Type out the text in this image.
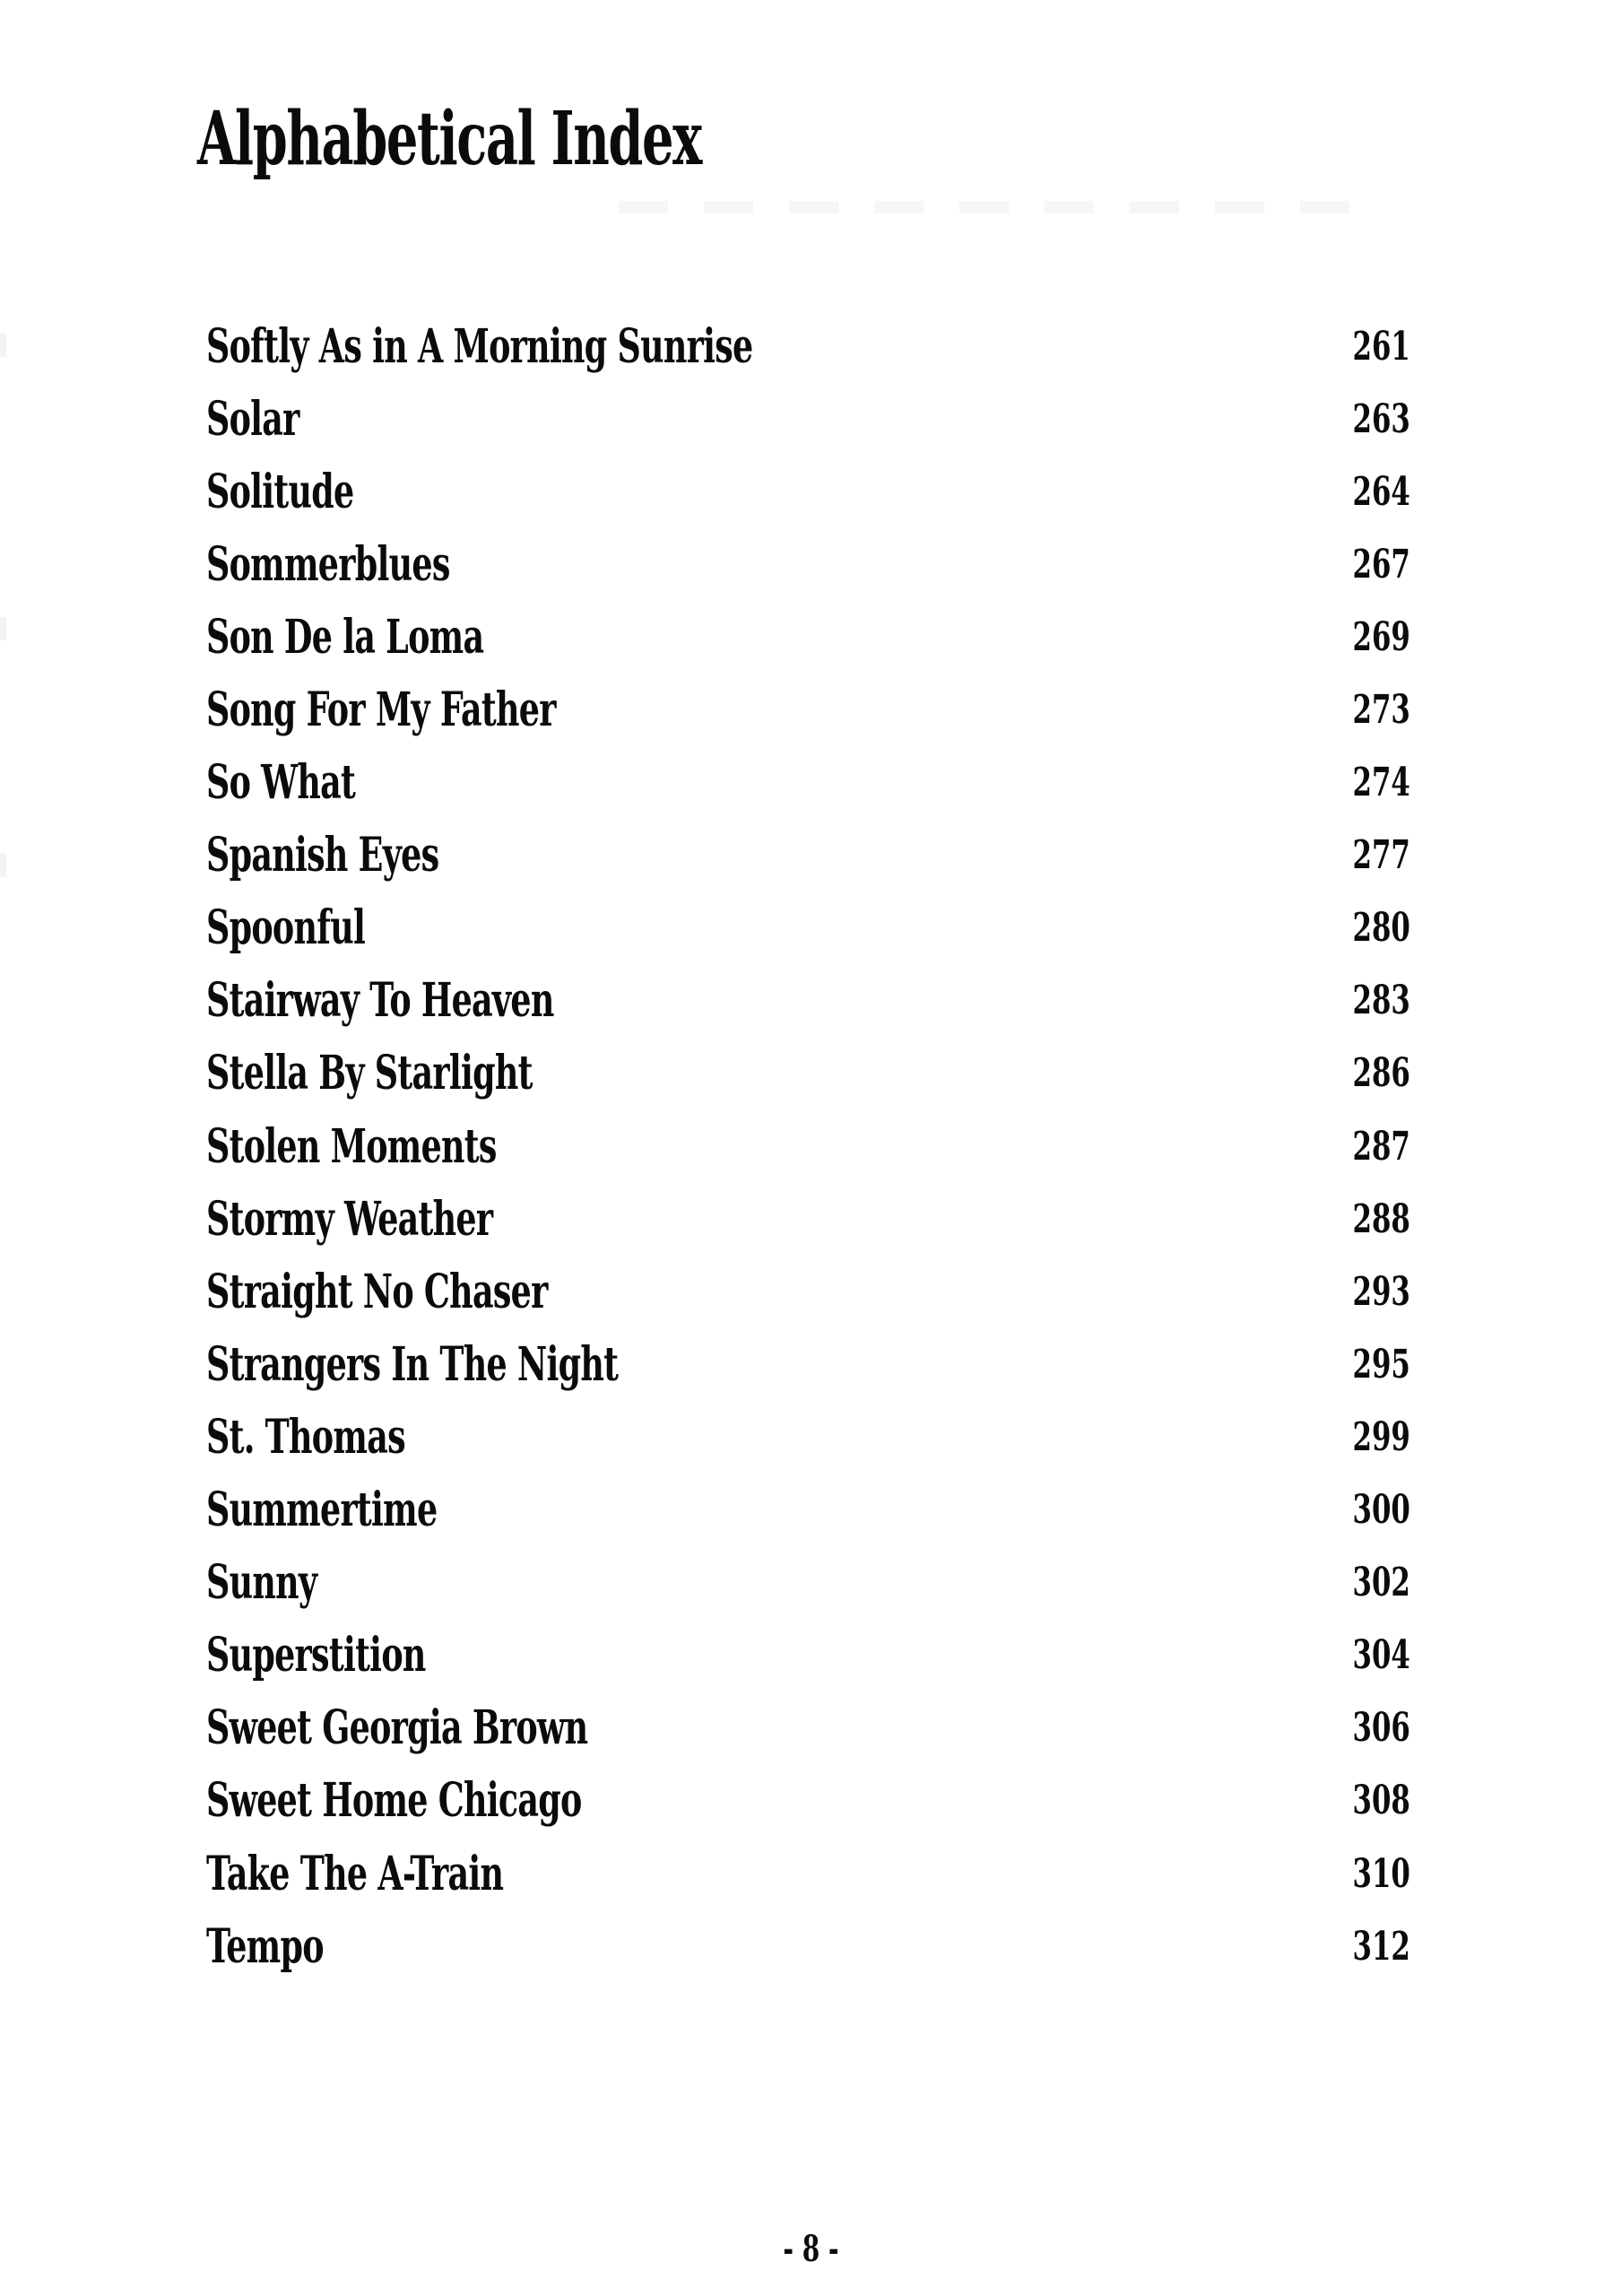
Alphabetical Index
Softly As in A Morning Sunrise	261
Solar	263
Solitude	264
Sommerblues	267
Son De la Loma	269
Song For My Father	273
So What	274
Spanish Eyes	277
Spoonful	280
Stairway To Heaven	283
Stella By Starlight	286
Stolen Moments	287
Stormy Weather	288
Straight No Chaser	293
Strangers In The Night	295
St. Thomas	299
Summertime	300
Sunny	302
Superstition	304
Sweet Georgia Brown	306
Sweet Home Chicago	308
Take The A-Train	310
Tempo	312
- 8 -
